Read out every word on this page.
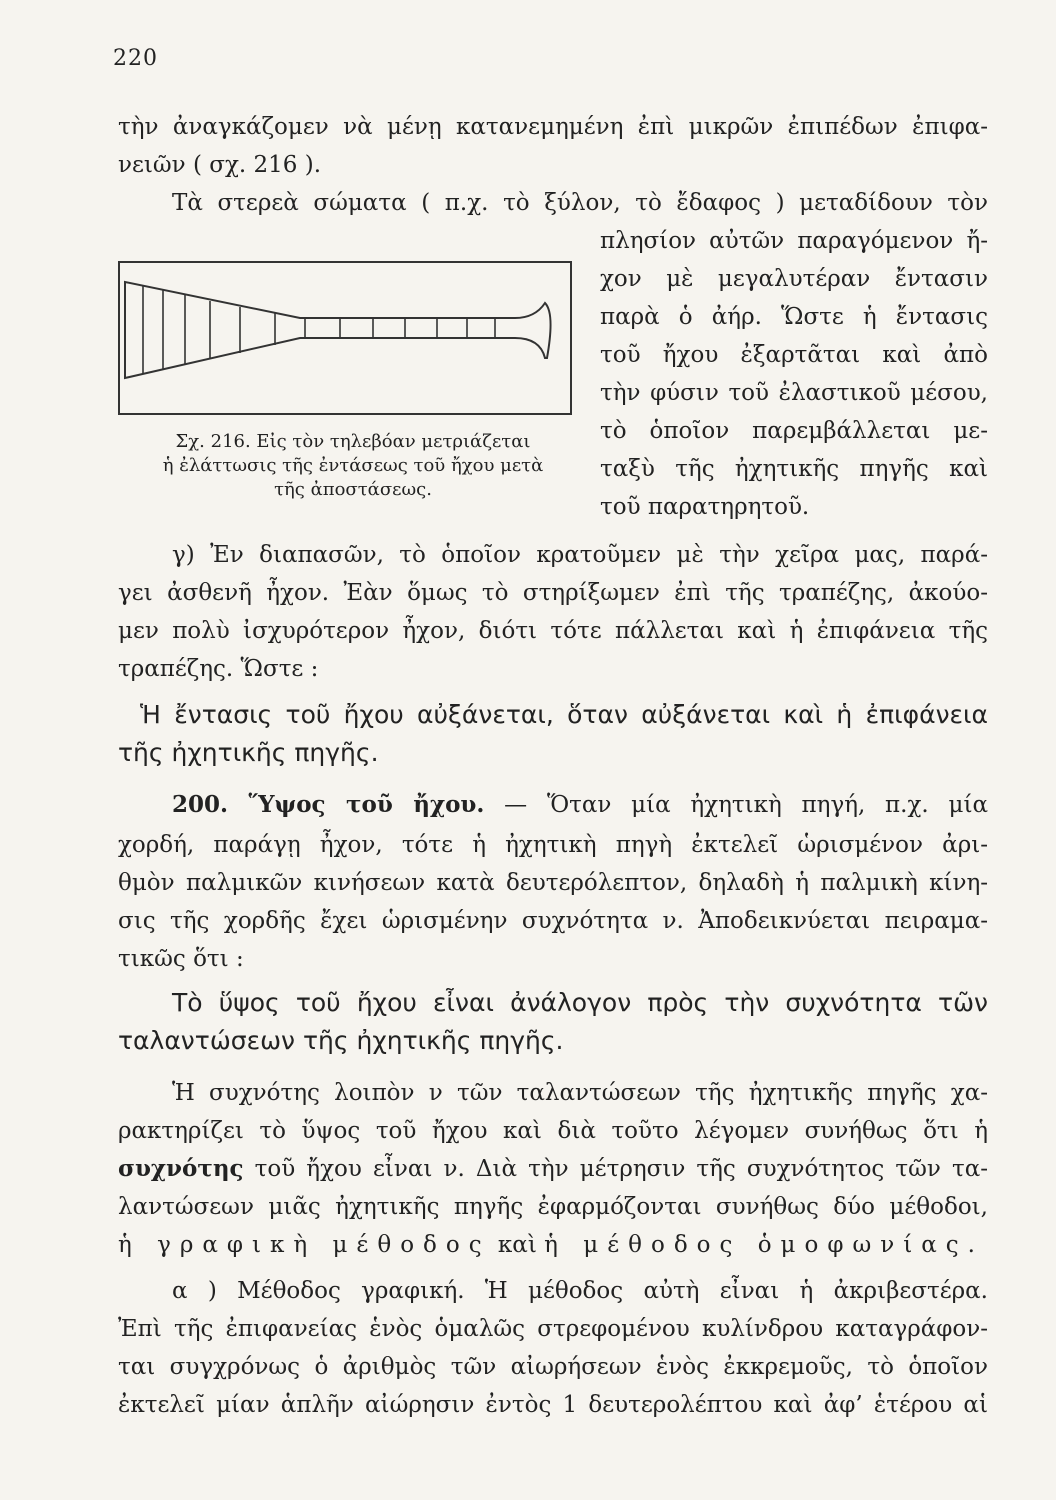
220
τὴν ἀναγκάζομεν νὰ μένῃ κατανεμημένη ἐπὶ μικρῶν ἐπιπέδων ἐπιφα-
νειῶν ( σχ. 216 ).
Τὰ στερεὰ σώματα ( π.χ. τὸ ξύλον, τὸ ἔδαφος ) μεταδίδουν τὸν
πλησίον αὐτῶν παραγόμενον ἤ-
χον μὲ μεγαλυτέραν ἔντασιν
παρὰ ὁ ἀήρ. Ὥστε ἡ ἔντασις
τοῦ ἤχου ἐξαρτᾶται καὶ ἀπὸ
τὴν φύσιν τοῦ ἐλαστικοῦ μέσου,
τὸ ὁποῖον παρεμβάλλεται με-
ταξὺ τῆς ἠχητικῆς πηγῆς καὶ
τοῦ παρατηρητοῦ.
Σχ. 216. Εἰς τὸν τηλεβόαν μετριάζεται
ἡ ἐλάττωσις τῆς ἐντάσεως τοῦ ἤχου μετὰ
τῆς ἀποστάσεως.
γ) Ἐν διαπασῶν, τὸ ὁποῖον κρατοῦμεν μὲ τὴν χεῖρα μας, παρά-
γει ἀσθενῆ ἦχον. Ἐὰν ὅμως τὸ στηρίξωμεν ἐπὶ τῆς τραπέζης, ἀκούο-
μεν πολὺ ἰσχυρότερον ἦχον, διότι τότε πάλλεται καὶ ἡ ἐπιφάνεια τῆς
τραπέζης. Ὥστε :
Ἡ ἔντασις τοῦ ἤχου αὐξάνεται, ὅταν αὐξάνεται καὶ ἡ ἐπιφάνεια
τῆς ἠχητικῆς πηγῆς.
200. Ὕψος τοῦ ἤχου. — Ὅταν μία ἠχητικὴ πηγή, π.χ. μία
χορδή, παράγῃ ἦχον, τότε ἡ ἠχητικὴ πηγὴ ἐκτελεῖ ὡρισμένον ἀρι-
θμὸν παλμικῶν κινήσεων κατὰ δευτερόλεπτον, δηλαδὴ ἡ παλμικὴ κίνη-
σις τῆς χορδῆς ἔχει ὡρισμένην συχνότητα ν. Ἀποδεικνύεται πειραμα-
τικῶς ὅτι :
Τὸ ὕψος τοῦ ἤχου εἶναι ἀνάλογον πρὸς τὴν συχνότητα τῶν
ταλαντώσεων τῆς ἠχητικῆς πηγῆς.
Ἡ συχνότης λοιπὸν ν τῶν ταλαντώσεων τῆς ἠχητικῆς πηγῆς χα-
ρακτηρίζει τὸ ὕψος τοῦ ἤχου καὶ διὰ τοῦτο λέγομεν συνήθως ὅτι ἡ
συχνότης τοῦ ἤχου εἶναι ν. Διὰ τὴν μέτρησιν τῆς συχνότητος τῶν τα-
λαντώσεων μιᾶς ἠχητικῆς πηγῆς ἐφαρμόζονται συνήθως δύο μέθοδοι,
ἡ γραφικὴ μέθοδος καὶ ἡ μέθοδος ὁμοφωνίας.
α ) Μέθοδος γραφική. Ἡ μέθοδος αὐτὴ εἶναι ἡ ἀκριβεστέρα.
Ἐπὶ τῆς ἐπιφανείας ἑνὸς ὁμαλῶς στρεφομένου κυλίνδρου καταγράφον-
ται συγχρόνως ὁ ἀριθμὸς τῶν αἰωρήσεων ἑνὸς ἐκκρεμοῦς, τὸ ὁποῖον
ἐκτελεῖ μίαν ἁπλῆν αἰώρησιν ἐντὸς 1 δευτερολέπτου καὶ ἀφ’ ἑτέρου αἱ
